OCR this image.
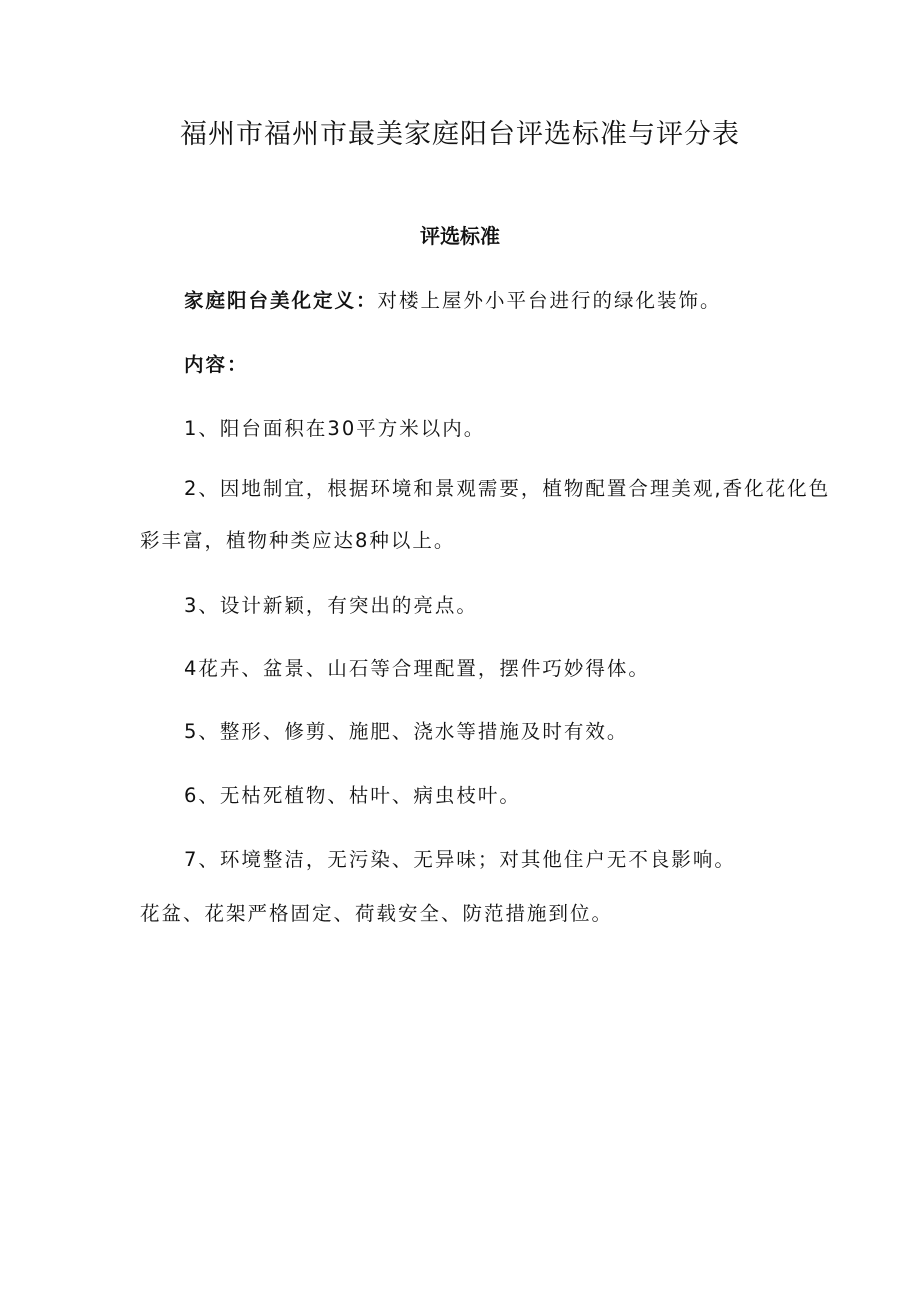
福州市福州市最美家庭阳台评选标准与评分表
评选标准

家庭阳台美化定义：对楼上屋外小平台进行的绿化装饰。

内容：

1、阳台面积在30平方米以内。

2、因地制宜，根据环境和景观需要，植物配置合理美观,香化花化色彩丰富，植物种类应达8种以上。

3、设计新颖，有突出的亮点。

4花卉、盆景、山石等合理配置，摆件巧妙得体。

5、整形、修剪、施肥、浇水等措施及时有效。

6、无枯死植物、枯叶、病虫枝叶。

7、环境整洁，无污染、无异味；对其他住户无不良影响。

花盆、花架严格固定、荷载安全、防范措施到位。
